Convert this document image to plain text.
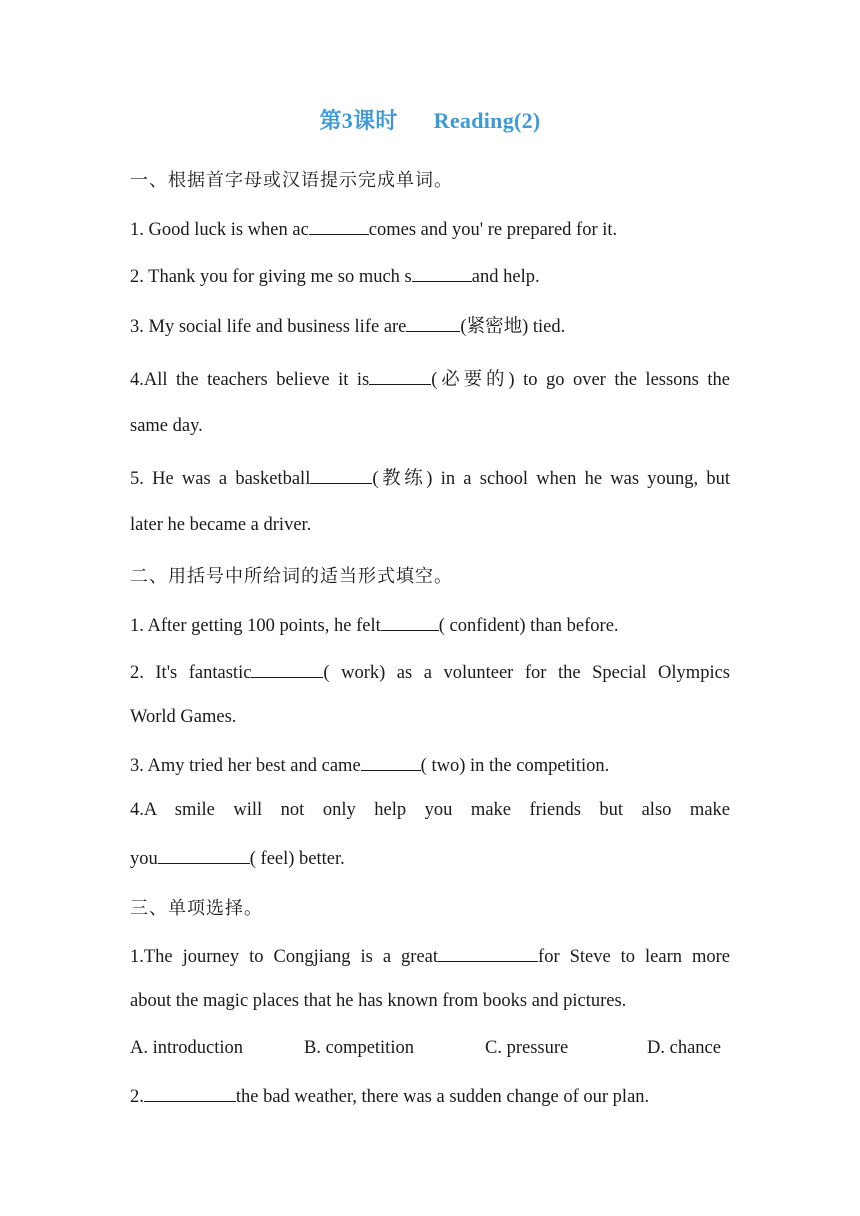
第3课时 Reading(2)
一、根据首字母或汉语提示完成单词。
1. Good luck is when ac	comes and you' re prepared for it.
2. Thank you for giving me so much s	and help.
3. My social life and business life are	(紧密地) tied.
4.All the teachers believe it is	(必要的) to go over the lessons the
same day.
5. He was a basketball	(教练) in a school when he was young, but
later he became a driver.
二、用括号中所给词的适当形式填空。
1. After getting 100 points, he felt	( confident) than before.
2. It's fantastic	( work) as a volunteer for the Special Olympics
World Games.
3. Amy tried her best and came	( two) in the competition.
4.A smile will not only help you make friends but also make
you	( feel) better.
三、单项选择。
1.The journey to Congjiang is a great	for Steve to learn more
about the magic places that he has known from books and pictures.
A. introduction	B. competition	C. pressure	D. chance
2.	the bad weather, there was a sudden change of our plan.
